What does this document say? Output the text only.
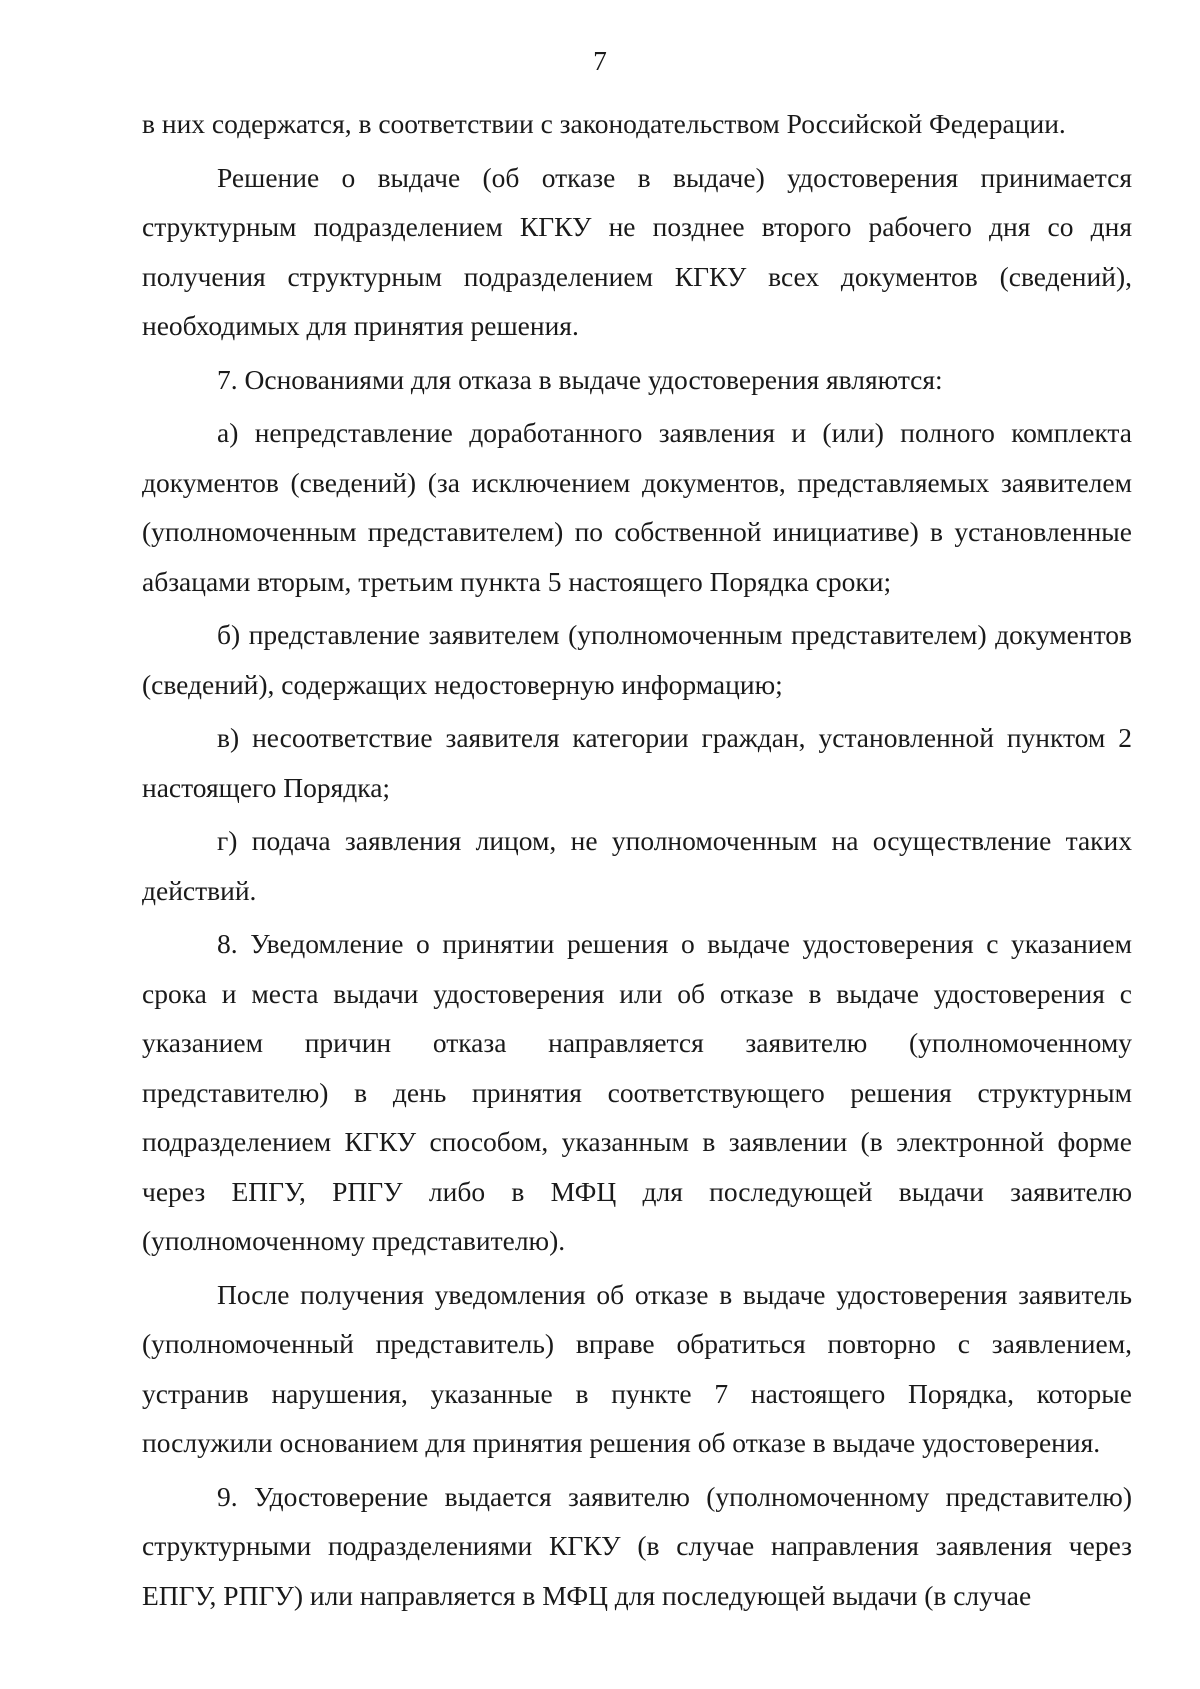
7

в них содержатся, в соответствии с законодательством Российской Федерации.

Решение о выдаче (об отказе в выдаче) удостоверения принимается структурным подразделением КГКУ не позднее второго рабочего дня со дня получения структурным подразделением КГКУ всех документов (сведений), необходимых для принятия решения.

7. Основаниями для отказа в выдаче удостоверения являются:

а) непредставление доработанного заявления и (или) полного комплекта документов (сведений) (за исключением документов, представляемых заявителем (уполномоченным представителем) по собственной инициативе) в установленные абзацами вторым, третьим пункта 5 настоящего Порядка сроки;

б) представление заявителем (уполномоченным представителем) документов (сведений), содержащих недостоверную информацию;

в) несоответствие заявителя категории граждан, установленной пунктом 2 настоящего Порядка;

г) подача заявления лицом, не уполномоченным на осуществление таких действий.

8. Уведомление о принятии решения о выдаче удостоверения с указанием срока и места выдачи удостоверения или об отказе в выдаче удостоверения с указанием причин отказа направляется заявителю (уполномоченному представителю) в день принятия соответствующего решения структурным подразделением КГКУ способом, указанным в заявлении (в электронной форме через ЕПГУ, РПГУ либо в МФЦ для последующей выдачи заявителю (уполномоченному представителю).

После получения уведомления об отказе в выдаче удостоверения заявитель (уполномоченный представитель) вправе обратиться повторно с заявлением, устранив нарушения, указанные в пункте 7 настоящего Порядка, которые послужили основанием для принятия решения об отказе в выдаче удостоверения.

9. Удостоверение выдается заявителю (уполномоченному представителю) структурными подразделениями КГКУ (в случае направления заявления через ЕПГУ, РПГУ) или направляется в МФЦ для последующей выдачи (в случае
